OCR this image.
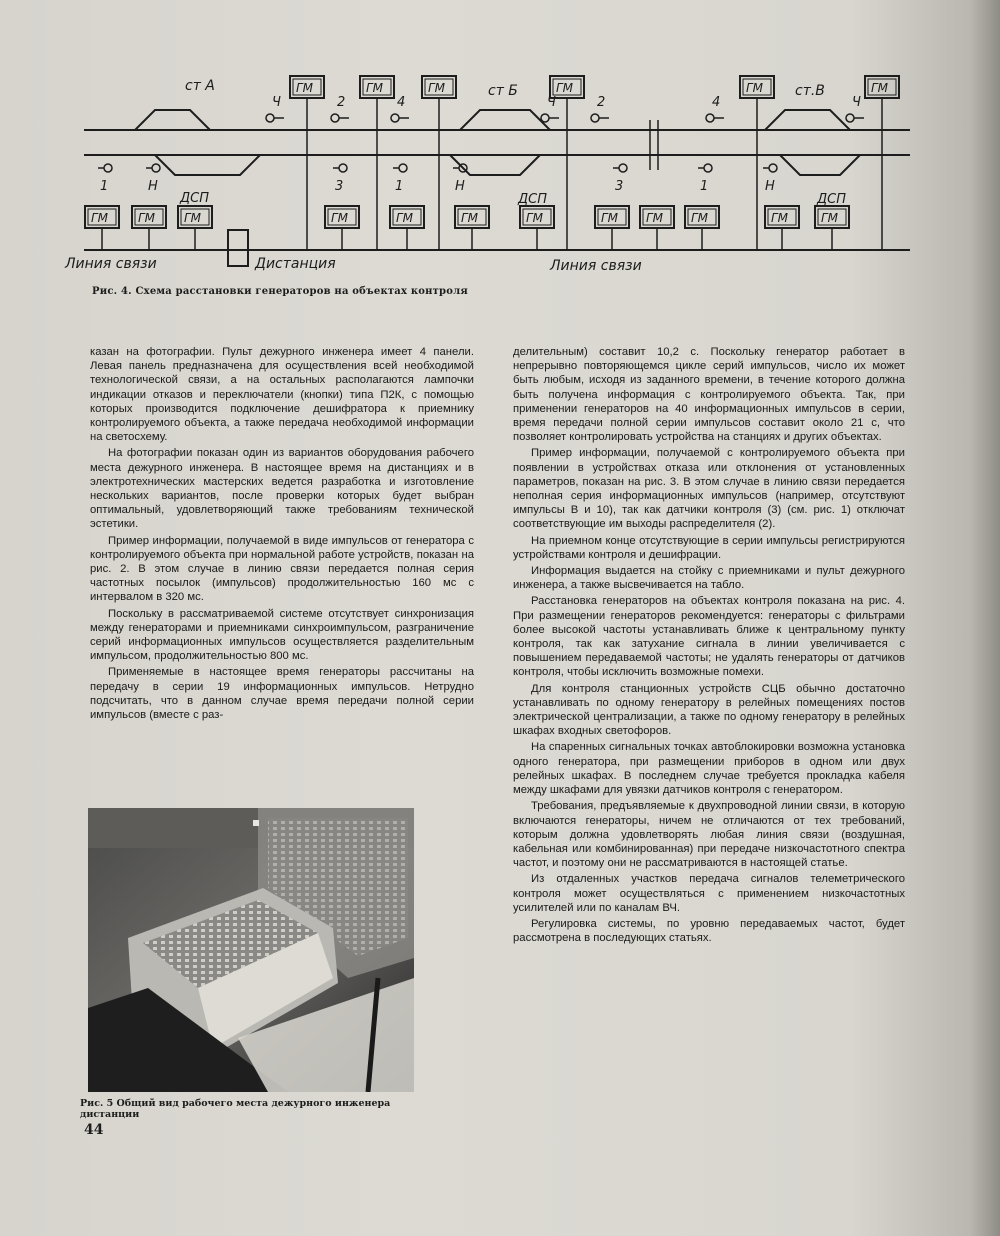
ГМ	ГМ	ГМ	ГМ	ГМ	ГМ
ГМ ГМ ГМ	ГМ	ГМ	ГМ	ГМ	ГМ ГМ ГМ	ГМ	ГМ
Ч	2	4	Ч	2	4	Ч
1	Н	3	1	Н	3	1	Н
ст А	ст Б	ст.В
ДСП	ДСП	ДСП
Линия связи	Дистанция	Линия связи
Рис. 4. Схема расстановки генераторов на объектах контроля

казан на фотографии. Пульт дежурного инженера имеет 4 панели. Левая панель предназначена для осуществления всей необходимой технологической связи, а на остальных располагаются лампочки индикации отказов и переключатели (кнопки) типа П2К, с помощью которых производится подключение дешифратора к приемнику контролируемого объекта, а также передача необходимой информации на светосхему.

На фотографии показан один из вариантов оборудования рабочего места дежурного инженера. В настоящее время на дистанциях и в электротехнических мастерских ведется разработка и изготовление нескольких вариантов, после проверки которых будет выбран оптимальный, удовлетворяющий также требованиям технической эстетики.

Пример информации, получаемой в виде импульсов от генератора с контролируемого объекта при нормальной работе устройств, показан на рис. 2. В этом случае в линию связи передается полная серия частотных посылок (импульсов) продолжительностью 160 мс с интервалом в 320 мс.

Поскольку в рассматриваемой системе отсутствует синхронизация между генераторами и приемниками синхроимпульсом, разграничение серий информационных импульсов осуществляется разделительным импульсом, продолжительностью 800 мс.

Применяемые в настоящее время генераторы рассчитаны на передачу в серии 19 информационных импульсов. Нетрудно подсчитать, что в данном случае время передачи полной серии импульсов (вместе с раз-

Рис. 5 Общий вид рабочего места дежурного инженера дистанции
44

делительным) составит 10,2 с. Поскольку генератор работает в непрерывно повторяющемся цикле серий импульсов, число их может быть любым, исходя из заданного времени, в течение которого должна быть получена информация с контролируемого объекта. Так, при применении генераторов на 40 информационных импульсов в серии, время передачи полной серии импульсов составит около 21 с, что позволяет контролировать устройства на станциях и других объектах.

Пример информации, получаемой с контролируемого объекта при появлении в устройствах отказа или отклонения от установленных параметров, показан на рис. 3. В этом случае в линию связи передается неполная серия информационных импульсов (например, отсутствуют импульсы В и 10), так как датчики контроля (3) (см. рис. 1) отключат соответствующие им выходы распределителя (2).

На приемном конце отсутствующие в серии импульсы регистрируются устройствами контроля и дешифрации.

Информация выдается на стойку с приемниками и пульт дежурного инженера, а также высвечивается на табло.

Расстановка генераторов на объектах контроля показана на рис. 4. При размещении генераторов рекомендуется: генераторы с фильтрами более высокой частоты устанавливать ближе к центральному пункту контроля, так как затухание сигнала в линии увеличивается с повышением передаваемой частоты; не удалять генераторы от датчиков контроля, чтобы исключить возможные помехи.

Для контроля станционных устройств СЦБ обычно достаточно устанавливать по одному генератору в релейных помещениях постов электрической централизации, а также по одному генератору в релейных шкафах входных светофоров.

На спаренных сигнальных точках автоблокировки возможна установка одного генератора, при размещении приборов в одном или двух релейных шкафах. В последнем случае требуется прокладка кабеля между шкафами для увязки датчиков контроля с генератором.

Требования, предъявляемые к двухпроводной линии связи, в которую включаются генераторы, ничем не отличаются от тех требований, которым должна удовлетворять любая линия связи (воздушная, кабельная или комбинированная) при передаче низкочастотного спектра частот, и поэтому они не рассматриваются в настоящей статье.

Из отдаленных участков передача сигналов телеметрического контроля может осуществляться с применением низкочастотных усилителей или по каналам ВЧ.

Регулировка системы, по уровню передаваемых частот, будет рассмотрена в последующих статьях.
